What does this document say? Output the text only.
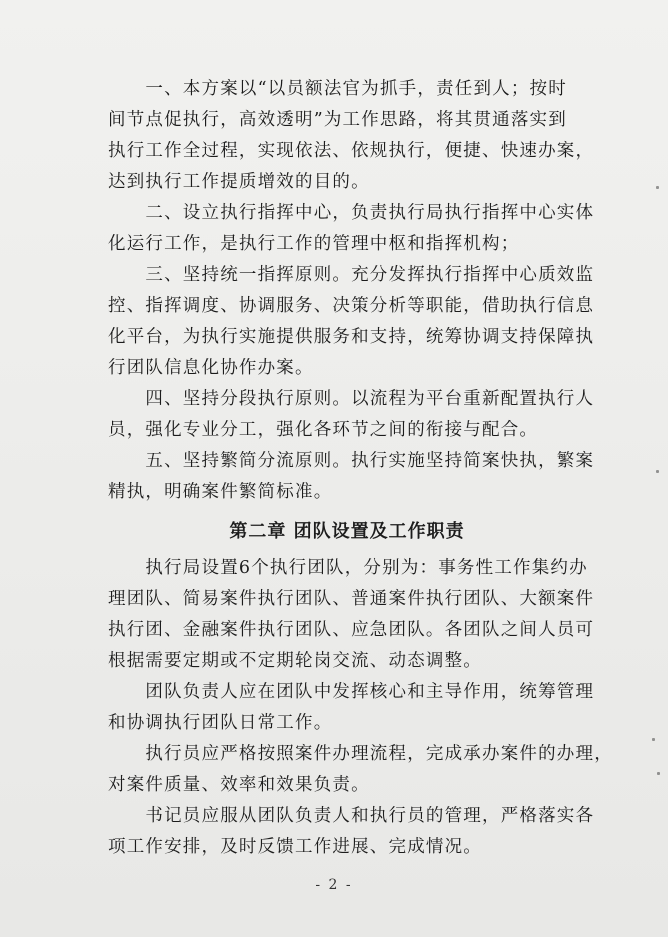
　　一、本方案以“以员额法官为抓手，责任到人；按时
间节点促执行，高效透明”为工作思路，将其贯通落实到
执行工作全过程，实现依法、依规执行，便捷、快速办案，
达到执行工作提质增效的目的。

　　二、设立执行指挥中心，负责执行局执行指挥中心实体
化运行工作，是执行工作的管理中枢和指挥机构；

　　三、坚持统一指挥原则。充分发挥执行指挥中心质效监
控、指挥调度、协调服务、决策分析等职能，借助执行信息
化平台，为执行实施提供服务和支持，统筹协调支持保障执
行团队信息化协作办案。

　　四、坚持分段执行原则。以流程为平台重新配置执行人
员，强化专业分工，强化各环节之间的衔接与配合。

　　五、坚持繁简分流原则。执行实施坚持简案快执，繁案
精执，明确案件繁简标准。

第二章 团队设置及工作职责

　　执行局设置6个执行团队，分别为：事务性工作集约办
理团队、简易案件执行团队、普通案件执行团队、大额案件
执行团、金融案件执行团队、应急团队。各团队之间人员可
根据需要定期或不定期轮岗交流、动态调整。

　　团队负责人应在团队中发挥核心和主导作用，统筹管理
和协调执行团队日常工作。

　　执行员应严格按照案件办理流程，完成承办案件的办理，
对案件质量、效率和效果负责。

　　书记员应服从团队负责人和执行员的管理，严格落实各
项工作安排，及时反馈工作进展、完成情况。

- 2 -
